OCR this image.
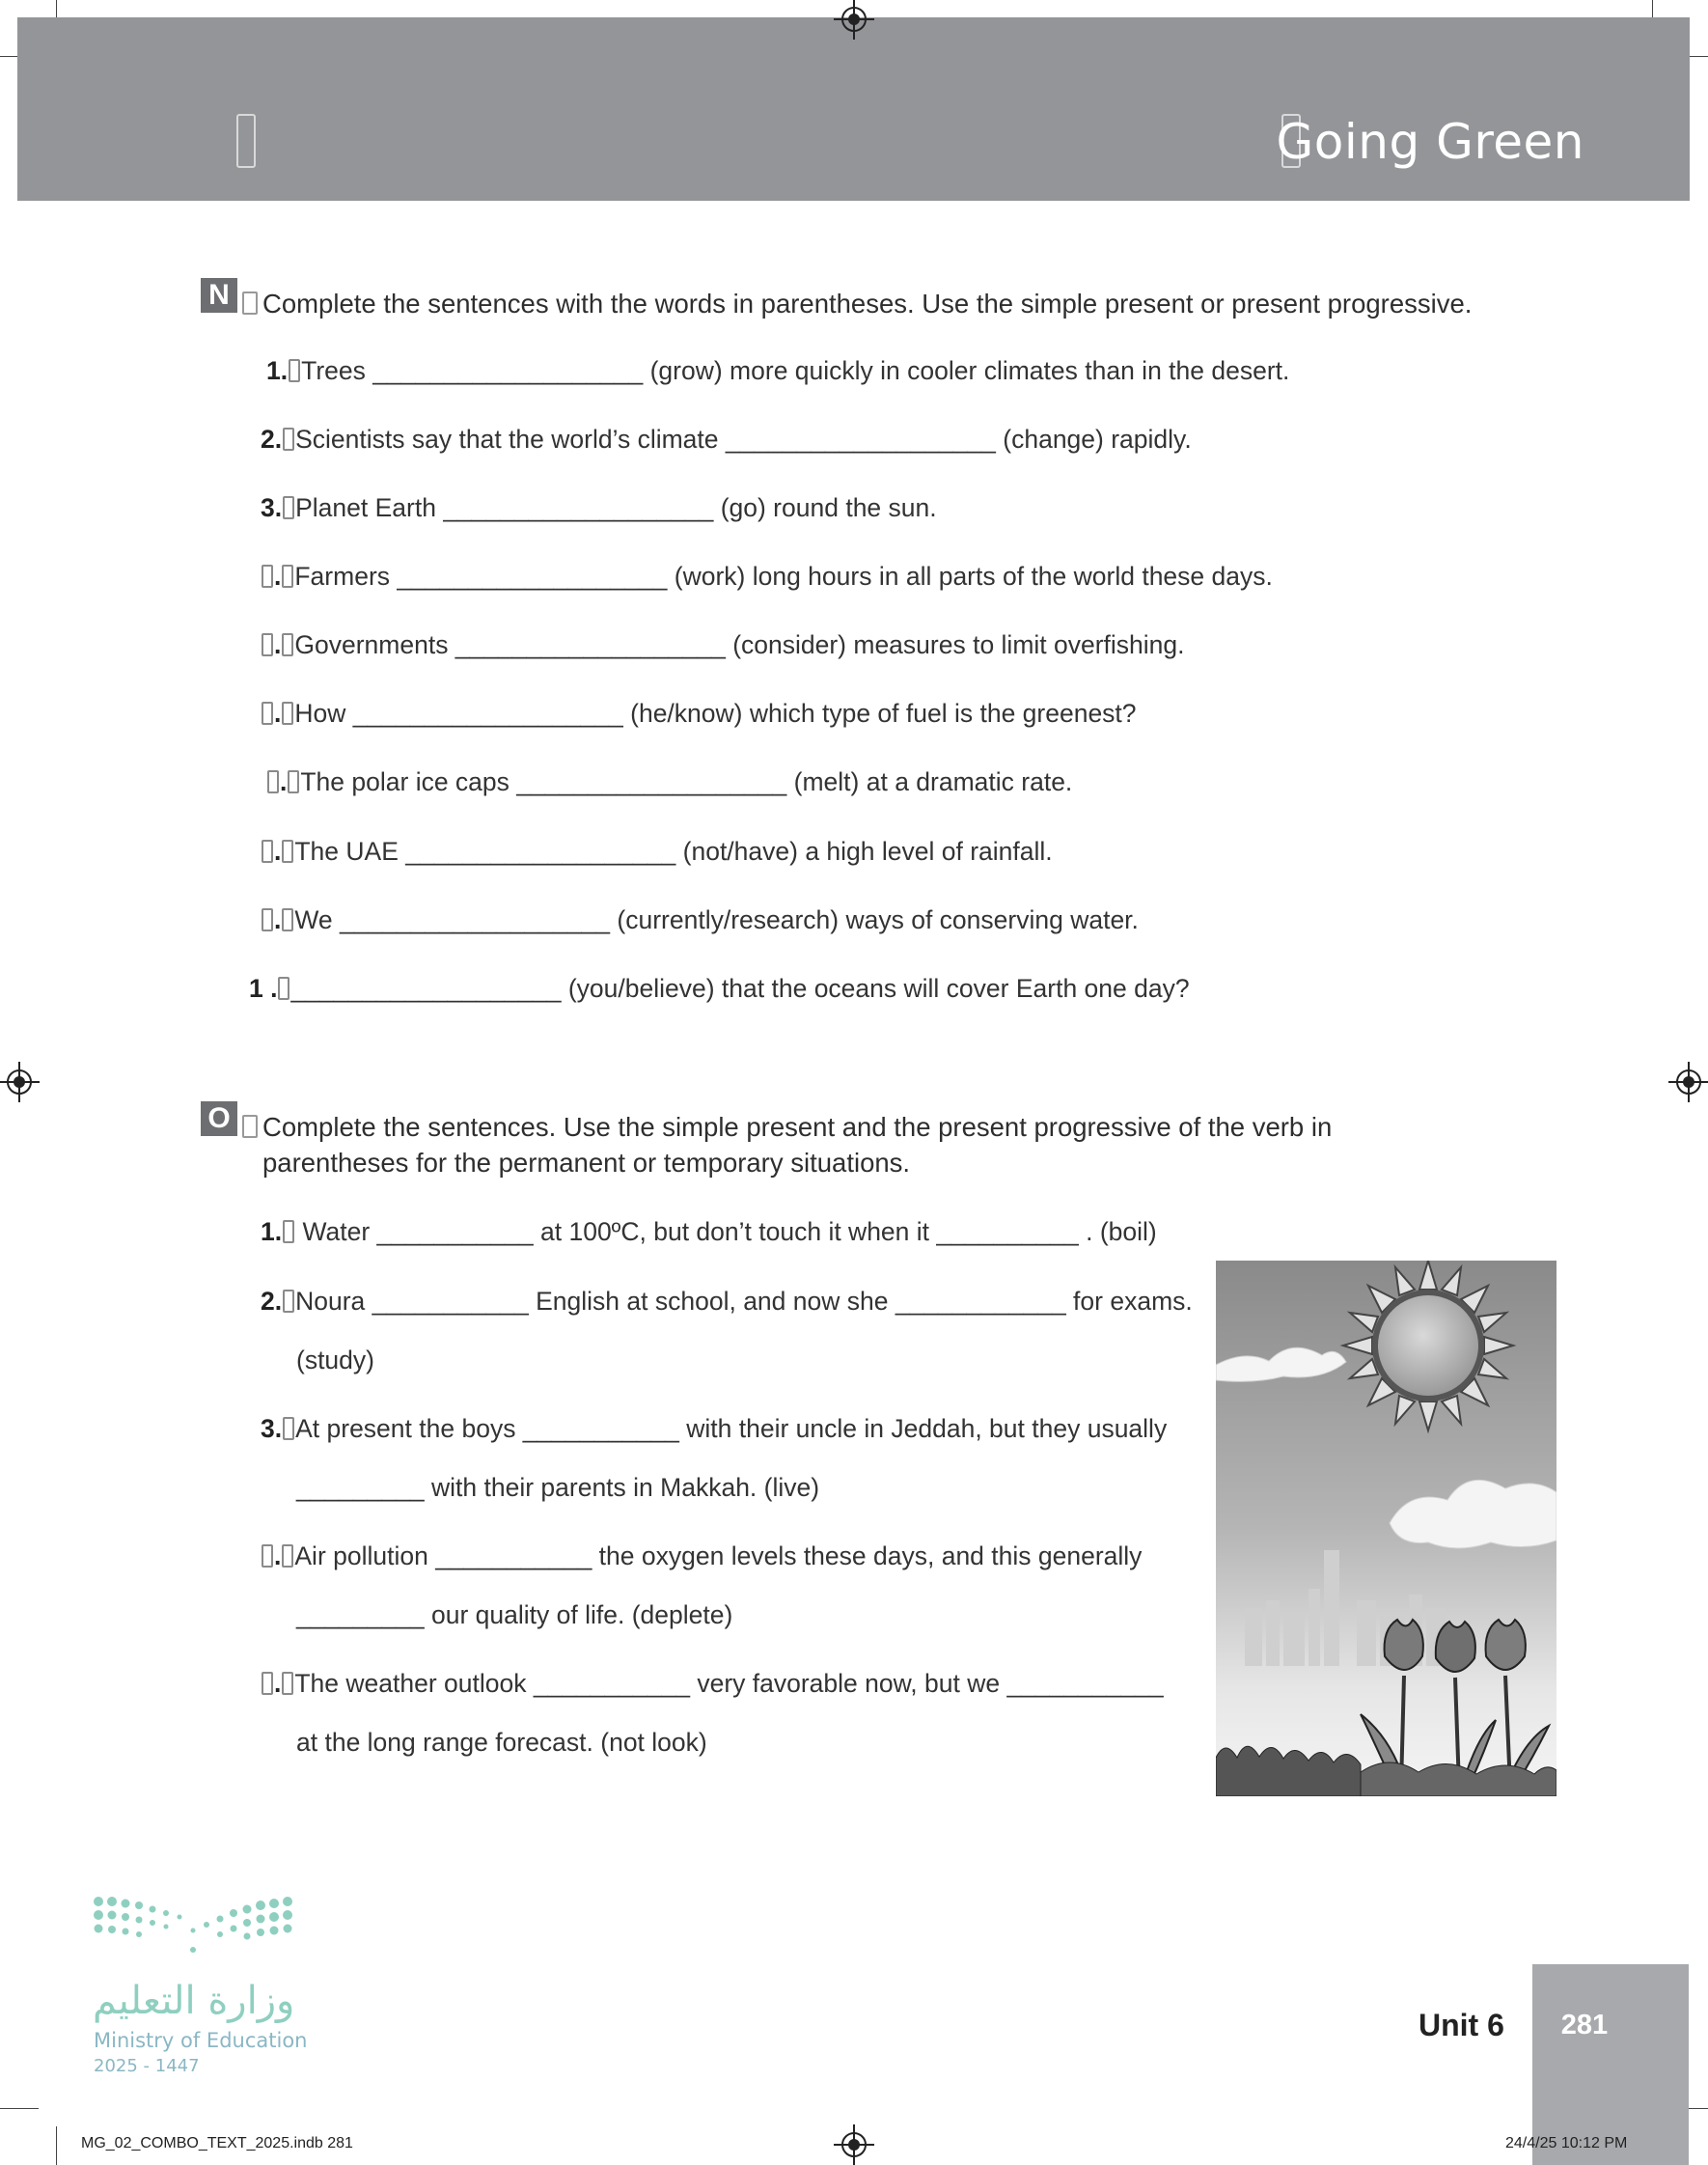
Going Green
N Complete the sentences with the words in parentheses. Use the simple present or present progressive.
1. Trees ___________________ (grow) more quickly in cooler climates than in the desert.
2. Scientists say that the world’s climate ___________________ (change) rapidly.
3. Planet Earth ___________________ (go) round the sun.
. Farmers ___________________ (work) long hours in all parts of the world these days.
. Governments ___________________ (consider) measures to limit overfishing.
. How ___________________ (he/know) which type of fuel is the greenest?
. The polar ice caps ___________________ (melt) at a dramatic rate.
. The UAE ___________________ (not/have) a high level of rainfall.
. We ___________________ (currently/research) ways of conserving water.
1 . ___________________ (you/believe) that the oceans will cover Earth one day?
O Complete the sentences. Use the simple present and the present progressive of the verb in
parentheses for the permanent or temporary situations.
1. Water ___________ at 100ºC, but don’t touch it when it __________ . (boil)
2. Noura ___________ English at school, and now she ____________ for exams.
(study)
3. At present the boys ___________ with their uncle in Jeddah, but they usually
_________ with their parents in Makkah. (live)
. Air pollution ___________ the oxygen levels these days, and this generally
_________ our quality of life. (deplete)
. The weather outlook ___________ very favorable now, but we ___________
at the long range forecast. (not look)
وزارة التعليم
Ministry of Education
2025 - 1447
Unit 6	281
MG_02_COMBO_TEXT_2025.indb 281	24/4/25 10:12 PM
